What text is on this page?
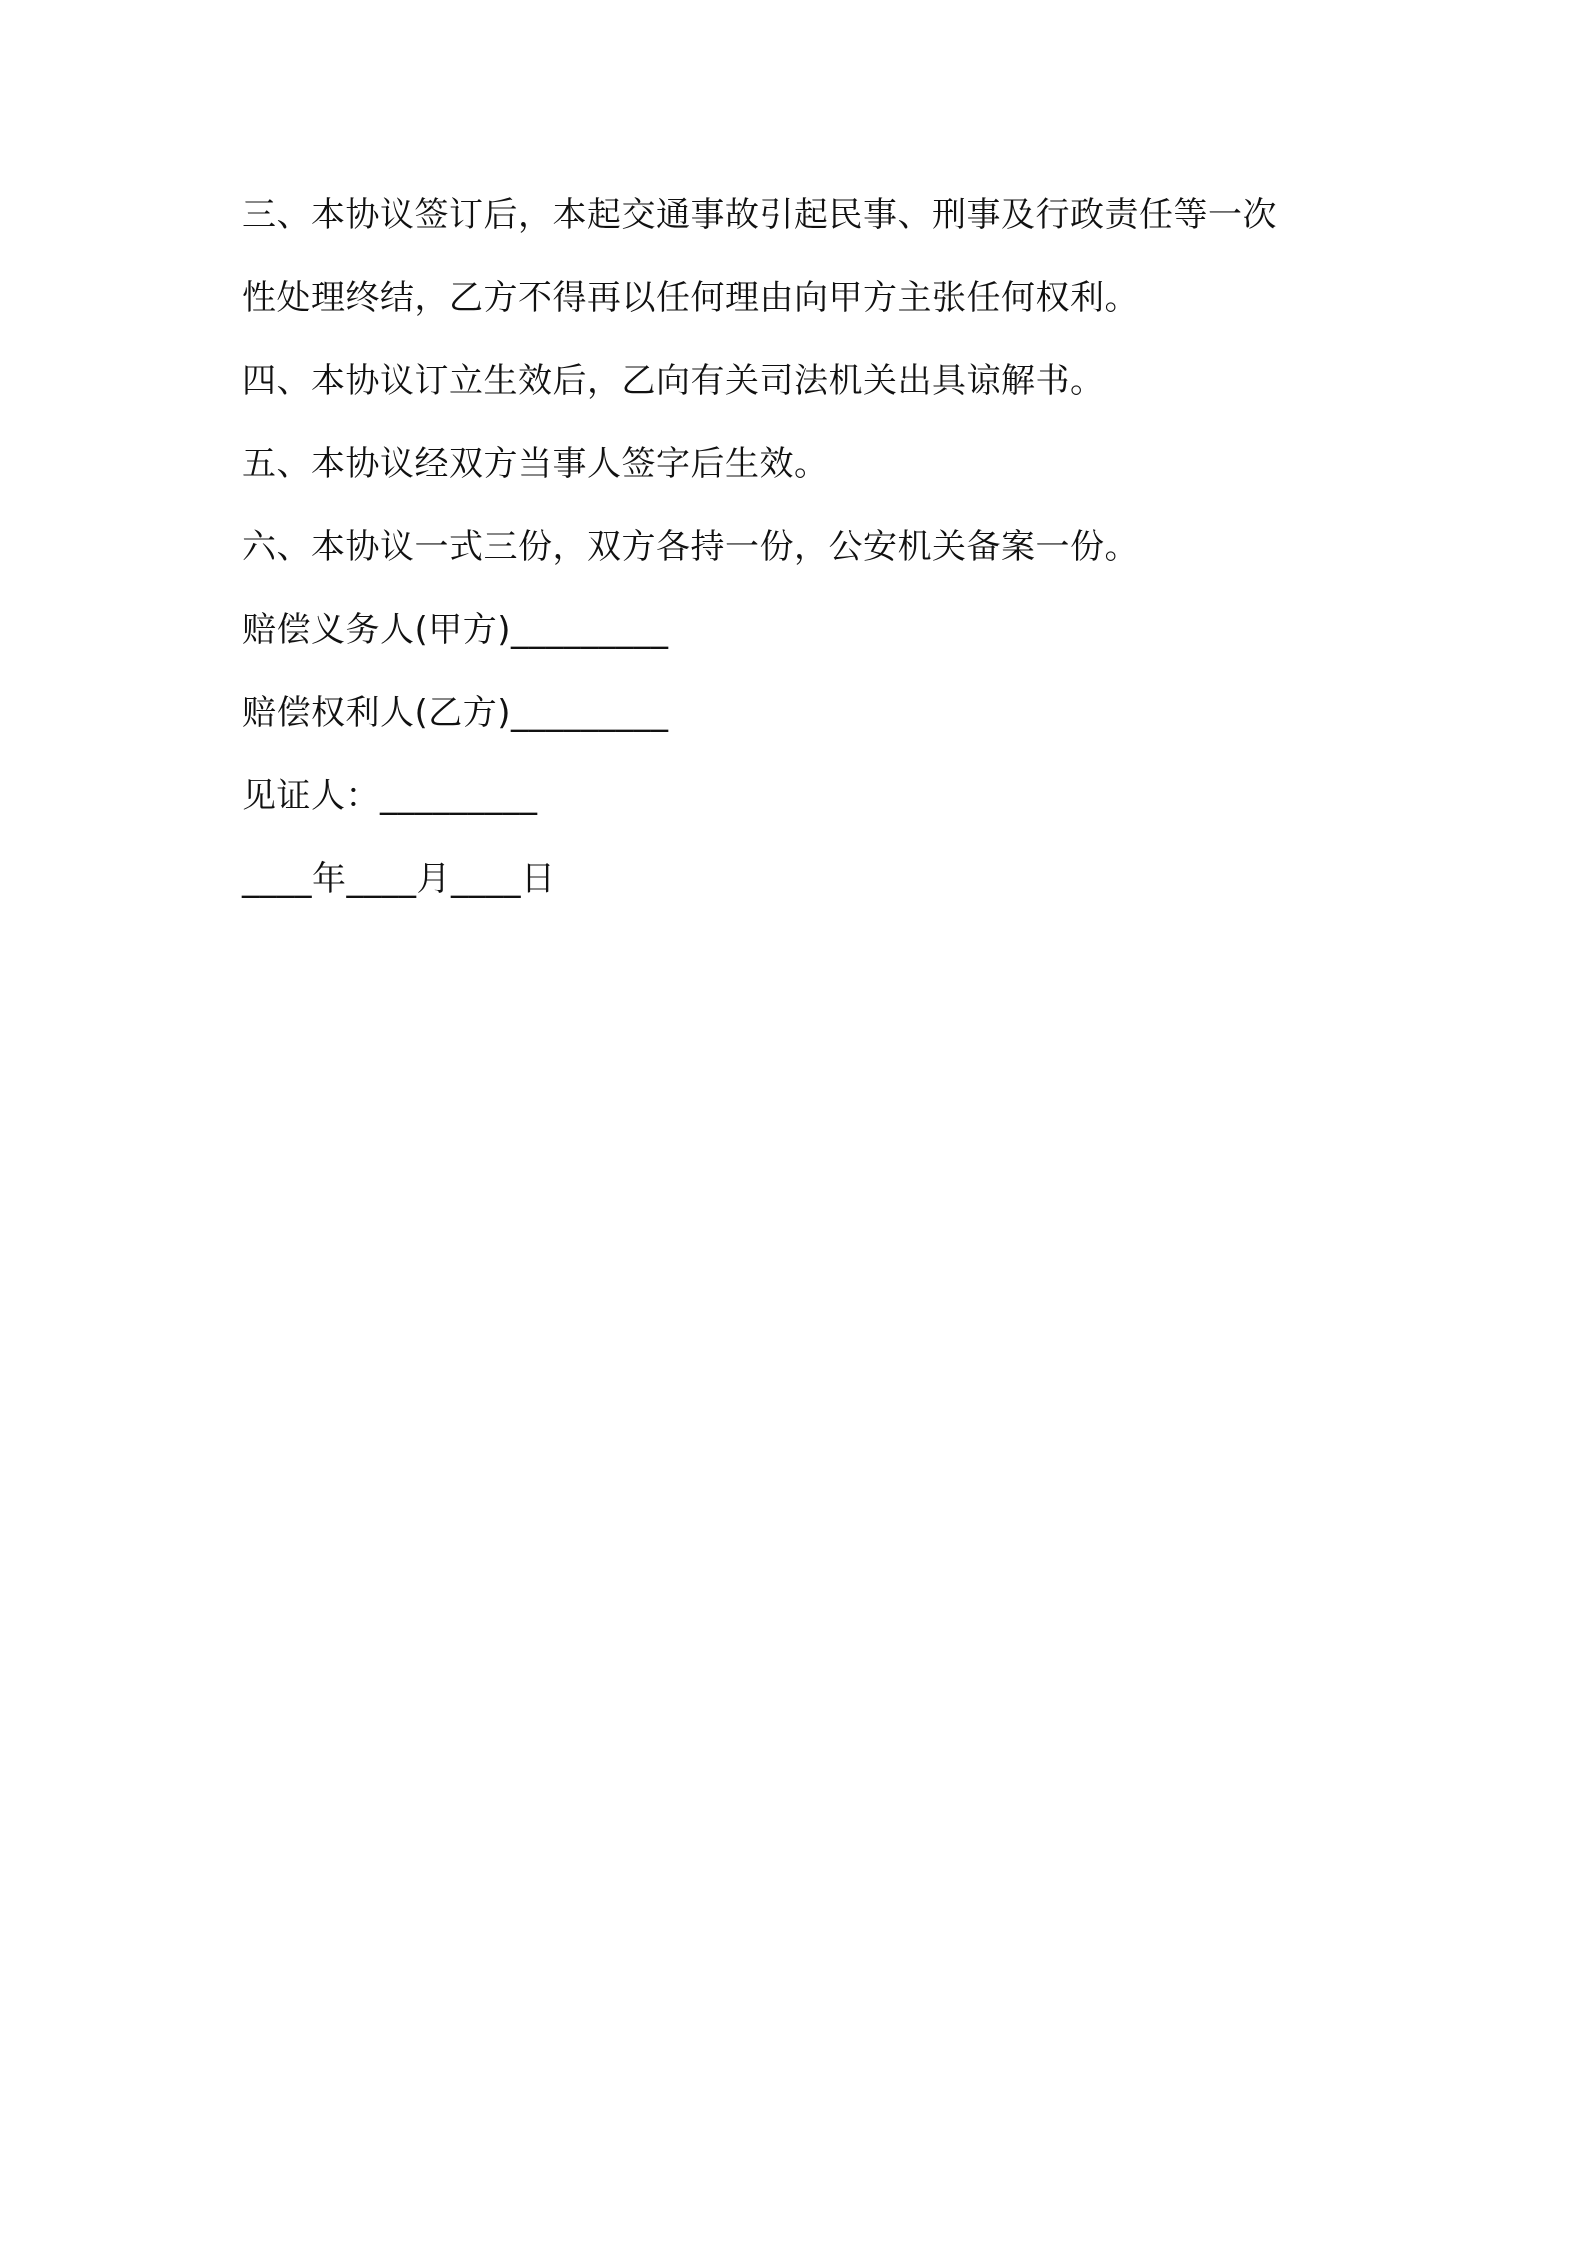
三、本协议签订后，本起交通事故引起民事、刑事及行政责任等一次
性处理终结，乙方不得再以任何理由向甲方主张任何权利。
四、本协议订立生效后，乙向有关司法机关出具谅解书。
五、本协议经双方当事人签字后生效。
六、本协议一式三份，双方各持一份，公安机关备案一份。
赔偿义务人(甲方)_________
赔偿权利人(乙方)_________
见证人：_________
____年____月____日
